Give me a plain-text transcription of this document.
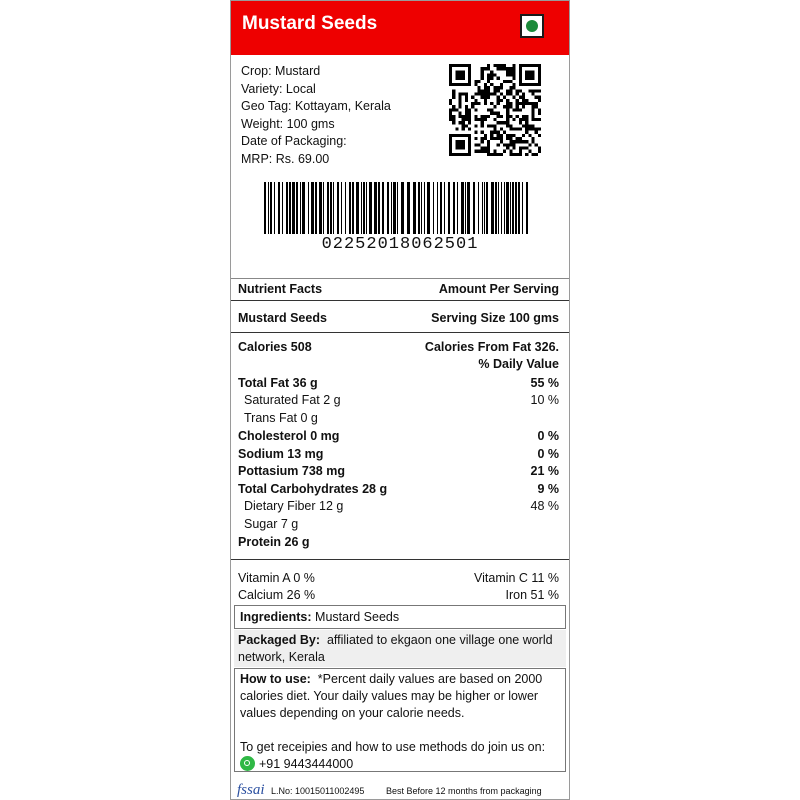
Mustard Seeds
Crop: Mustard
Variety: Local
Geo Tag: Kottayam, Kerala
Weight: 100 gms
Date of Packaging:
MRP: Rs. 69.00
02252018062501
Nutrient Facts	Amount Per Serving
Mustard Seeds	Serving Size 100 gms
Calories 508	Calories From Fat 326.
% Daily Value
Total Fat 36 g	55 %
Saturated Fat 2 g	10 %
Trans Fat 0 g
Cholesterol 0 mg	0 %
Sodium 13 mg	0 %
Pottasium 738 mg	21 %
Total Carbohydrates 28 g	9 %
Dietary Fiber 12 g	48 %
Sugar 7 g
Protein 26 g
Vitamin A 0 %	Vitamin C 11 %
Calcium 26 %	Iron 51 %
Ingredients: Mustard Seeds
Packaged By: affiliated to ekgaon one village one world network, Kerala
How to use: *Percent daily values are based on 2000 calories diet. Your daily values may be higher or lower values depending on your calorie needs.
To get receipies and how to use methods do join us on:
+91 9443444000
fssai L.No: 10015011002495 Best Before 12 months from packaging
